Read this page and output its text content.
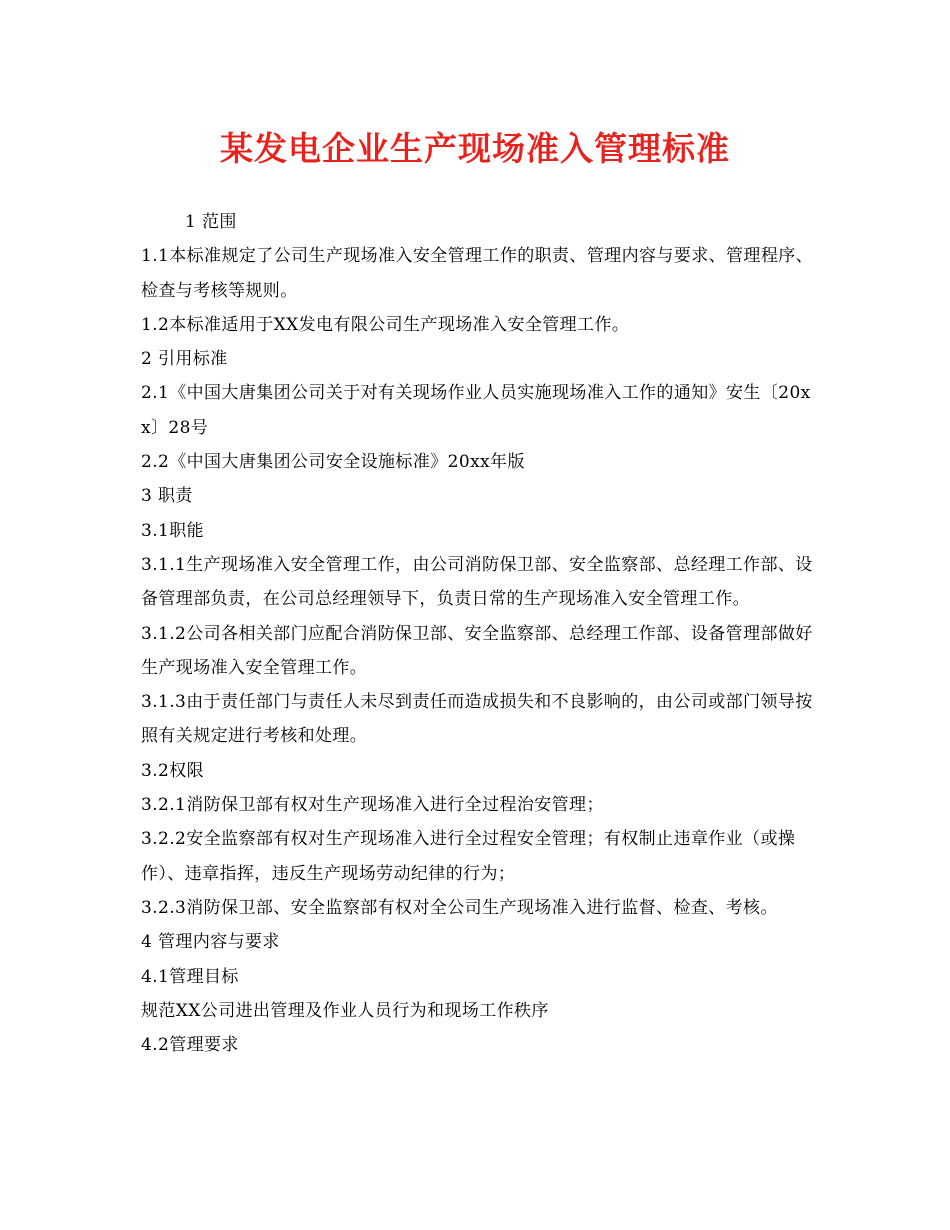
某发电企业生产现场准入管理标准

1 范围

1.1本标准规定了公司生产现场准入安全管理工作的职责、管理内容与要求、管理程序、检查与考核等规则。

1.2本标准适用于XX发电有限公司生产现场准入安全管理工作。

2 引用标准

2.1《中国大唐集团公司关于对有关现场作业人员实施现场准入工作的通知》安生〔20xx〕28号

2.2《中国大唐集团公司安全设施标准》20xx年版

3 职责

3.1职能

3.1.1生产现场准入安全管理工作，由公司消防保卫部、安全监察部、总经理工作部、设备管理部负责，在公司总经理领导下，负责日常的生产现场准入安全管理工作。

3.1.2公司各相关部门应配合消防保卫部、安全监察部、总经理工作部、设备管理部做好生产现场准入安全管理工作。

3.1.3由于责任部门与责任人未尽到责任而造成损失和不良影响的，由公司或部门领导按照有关规定进行考核和处理。

3.2权限

3.2.1消防保卫部有权对生产现场准入进行全过程治安管理；

3.2.2安全监察部有权对生产现场准入进行全过程安全管理；有权制止违章作业（或操作）、违章指挥，违反生产现场劳动纪律的行为；

3.2.3消防保卫部、安全监察部有权对全公司生产现场准入进行监督、检查、考核。

4 管理内容与要求

4.1管理目标

规范XX公司进出管理及作业人员行为和现场工作秩序

4.2管理要求
